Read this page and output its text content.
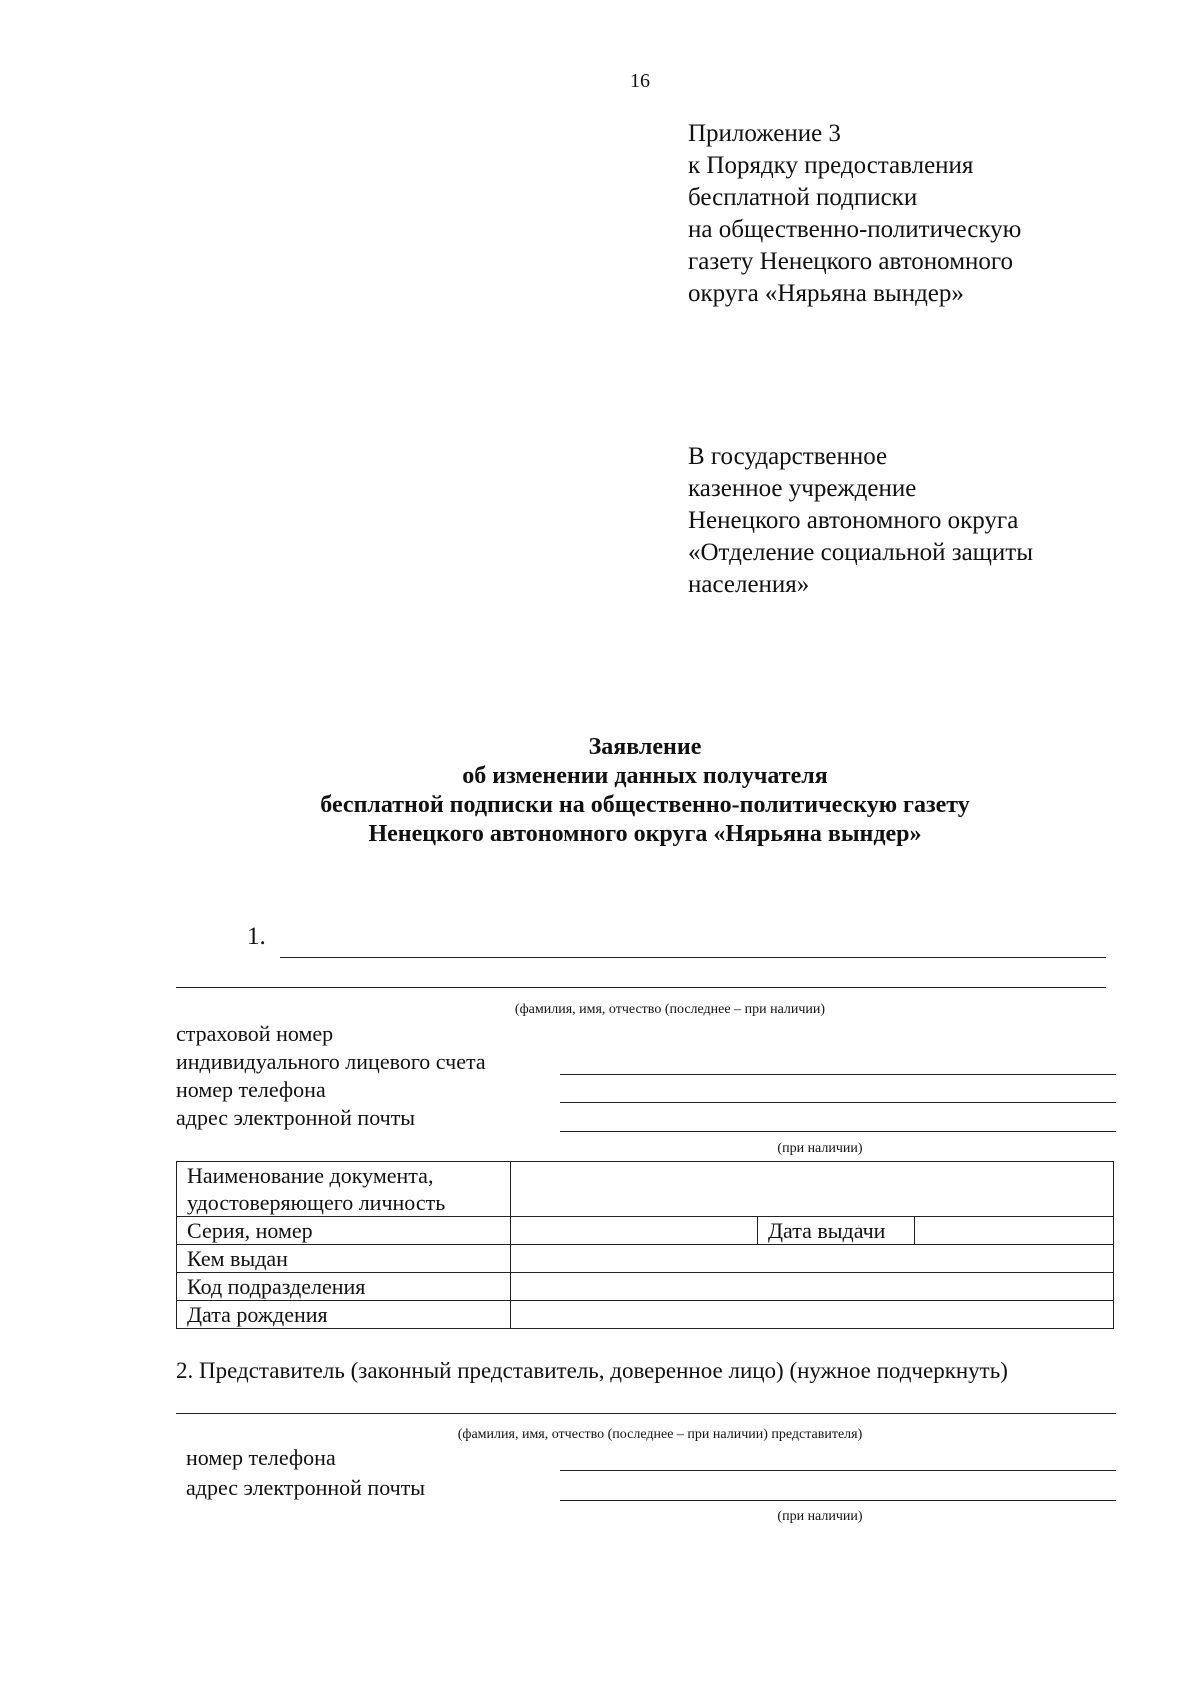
16
Приложение 3
к Порядку предоставления
бесплатной подписки
на общественно-политическую
газету Ненецкого автономного
округа «Нярьяна вындер»
В государственное
казенное учреждение
Ненецкого автономного округа
«Отделение социальной защиты
населения»
Заявление
об изменении данных получателя
бесплатной подписки на общественно-политическую газету
Ненецкого автономного округа «Нярьяна вындер»
1.
(фамилия, имя, отчество (последнее – при наличии)
страховой номер
индивидуального лицевого счета
номер телефона
адрес электронной почты
(при наличии)
Наименование документа,
удостоверяющего личность			

Серия, номер		Дата выдачи	
Кем выдан			
Код подразделения			
Дата рождения			
2. Представитель (законный представитель, доверенное лицо) (нужное подчеркнуть)
(фамилия, имя, отчество (последнее – при наличии) представителя)
номер телефона
адрес электронной почты
(при наличии)
